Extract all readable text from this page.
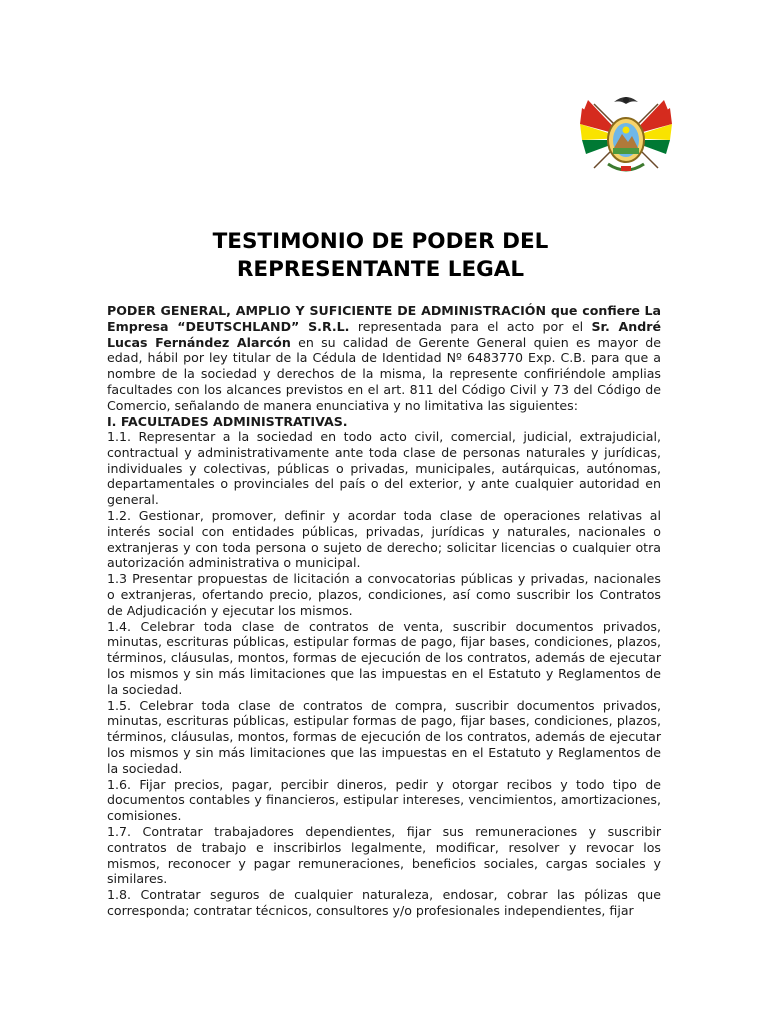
TESTIMONIO DE PODER DEL
REPRESENTANTE LEGAL

PODER GENERAL, AMPLIO Y SUFICIENTE DE ADMINISTRACIÓN que confiere La Empresa “DEUTSCHLAND” S.R.L. representada para el acto por el Sr. André Lucas Fernández Alarcón en su calidad de Gerente General quien es mayor de edad, hábil por ley titular de la Cédula de Identidad Nº 6483770 Exp. C.B. para que a nombre de la sociedad y derechos de la misma, la represente confiriéndole amplias facultades con los alcances previstos en el art. 811 del Código Civil y 73 del Código de Comercio, señalando de manera enunciativa y no limitativa las siguientes:

I. FACULTADES ADMINISTRATIVAS.

1.1. Representar a la sociedad en todo acto civil, comercial, judicial, extrajudicial, contractual y administrativamente ante toda clase de personas naturales y jurídicas, individuales y colectivas, públicas o privadas, municipales, autárquicas, autónomas, departamentales o provinciales del país o del exterior, y ante cualquier autoridad en general.

1.2. Gestionar, promover, definir y acordar toda clase de operaciones relativas al interés social con entidades públicas, privadas, jurídicas y naturales, nacionales o extranjeras y con toda persona o sujeto de derecho; solicitar licencias o cualquier otra autorización administrativa o municipal.

1.3 Presentar propuestas de licitación a convocatorias públicas y privadas, nacionales o extranjeras, ofertando precio, plazos, condiciones, así como suscribir los Contratos de Adjudicación y ejecutar los mismos.

1.4. Celebrar toda clase de contratos de venta, suscribir documentos privados, minutas, escrituras públicas, estipular formas de pago, fijar bases, condiciones, plazos, términos, cláusulas, montos, formas de ejecución de los contratos, además de ejecutar los mismos y sin más limitaciones que las impuestas en el Estatuto y Reglamentos de la sociedad.

1.5. Celebrar toda clase de contratos de compra, suscribir documentos privados, minutas, escrituras públicas, estipular formas de pago, fijar bases, condiciones, plazos, términos, cláusulas, montos, formas de ejecución de los contratos, además de ejecutar los mismos y sin más limitaciones que las impuestas en el Estatuto y Reglamentos de la sociedad.

1.6. Fijar precios, pagar, percibir dineros, pedir y otorgar recibos y todo tipo de documentos contables y financieros, estipular intereses, vencimientos, amortizaciones, comisiones.

1.7. Contratar trabajadores dependientes, fijar sus remuneraciones y suscribir contratos de trabajo e inscribirlos legalmente, modificar, resolver y revocar los mismos, reconocer y pagar remuneraciones, beneficios sociales, cargas sociales y similares.

1.8. Contratar seguros de cualquier naturaleza, endosar, cobrar las pólizas que corresponda; contratar técnicos, consultores y/o profesionales independientes, fijar
